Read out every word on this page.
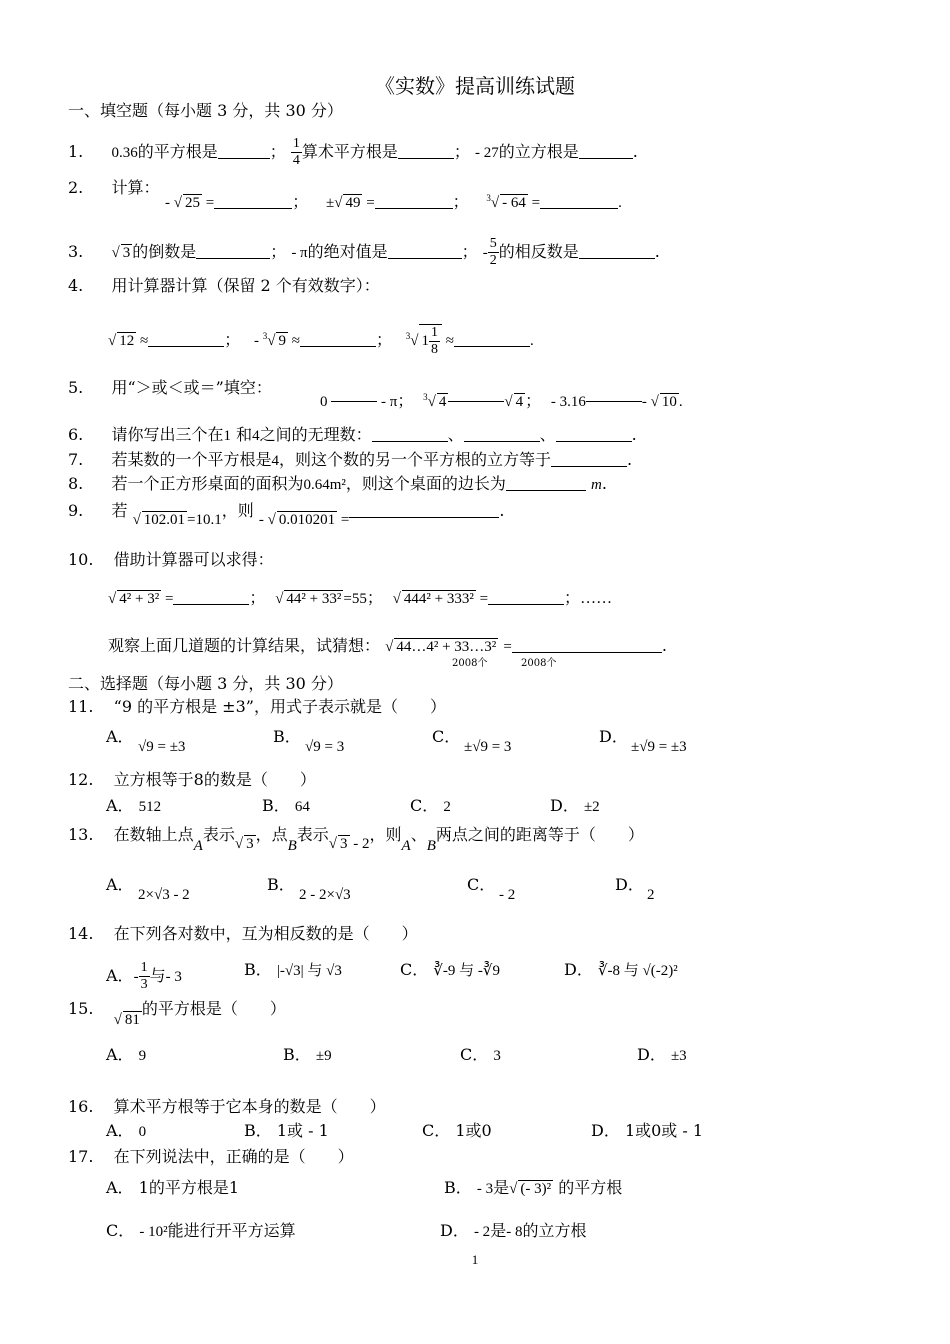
《实数》提高训练试题
一、填空题（每小题 3 分，共 30 分）
1. 0.36的平方根是	； $\frac{1}{4}$ 算术平方根是	； - 27的立方根是	.
2. 计算：
- √ 25 =	； ±√ 49 =	； $^3$√ - 64 =	.
3. √ 3 的倒数是	； - π的绝对值是	； - $\frac{5}{2}$ 的相反数是	.
4. 用计算器计算（保留 2 个有效数字）：
√ 12 ≈	； - $^3$√ 9 ≈	； $^3$√ $1 \frac{1}{8}$ ≈	.
5. 用“＞或＜或＝”填空：
0	- π； $^3$√ 4	√ 4 ； - 3.16	- √ 10 .
6. 请你写出三个在1 和4之间的无理数：	、	、	.
7. 若某数的一个平方根是4，则这个数的另一个平方根的立方等于	.
8. 若一个正方形桌面的面积为0.64m²，则这个桌面的边长为	m.
9. 若 √ 102.01 =10.1，则 - √ 0.010201 =	.
10. 借助计算器可以求得：
√ 4² + 3² =	； √ 44² + 33² =55； √ 444² + 333² =	；……
观察上面几道题的计算结果，试猜想： √ 44…4² + 33…3² =	.
2008个	2008个
二、选择题（每小题 3 分，共 30 分）
11. “9 的平方根是 ±3”，用式子表示就是（　　）
A．
√9 = ±3
B．
√9 = 3
C．
±√9 = 3
D．
±√9 = ±3
12. 立方根等于8的数是（　　）
A． 512	B． 64	C． 2	D． ±2
13. 在数轴上点A表示√ 3 ，点B表示√ 3 - 2，则A、B两点之间的距离等于（　　）
A．
2×√3 - 2
B．
2 - 2×√3
C．
- 2
D．
2
14. 在下列各对数中，互为相反数的是（　　）
A．- $\frac{1}{3}$ 与- 3	B． |-√3| 与 √3	C． ∛-9 与 -∛9	D． ∛-8 与 √(-2)²
15.  √ 81的平方根是（　　）
A． 9	B． ±9	C． 3	D． ±3
16. 算术平方根等于它本身的数是（　　）
A． 0	B． 1或 - 1	C． 1或0	D． 1或0或 - 1
17. 在下列说法中，正确的是（　　）
A． 1的平方根是1	B． - 3是√ (- 3)² 的平方根
C． - 10²能进行开平方运算	D． - 2是- 8的立方根
1
